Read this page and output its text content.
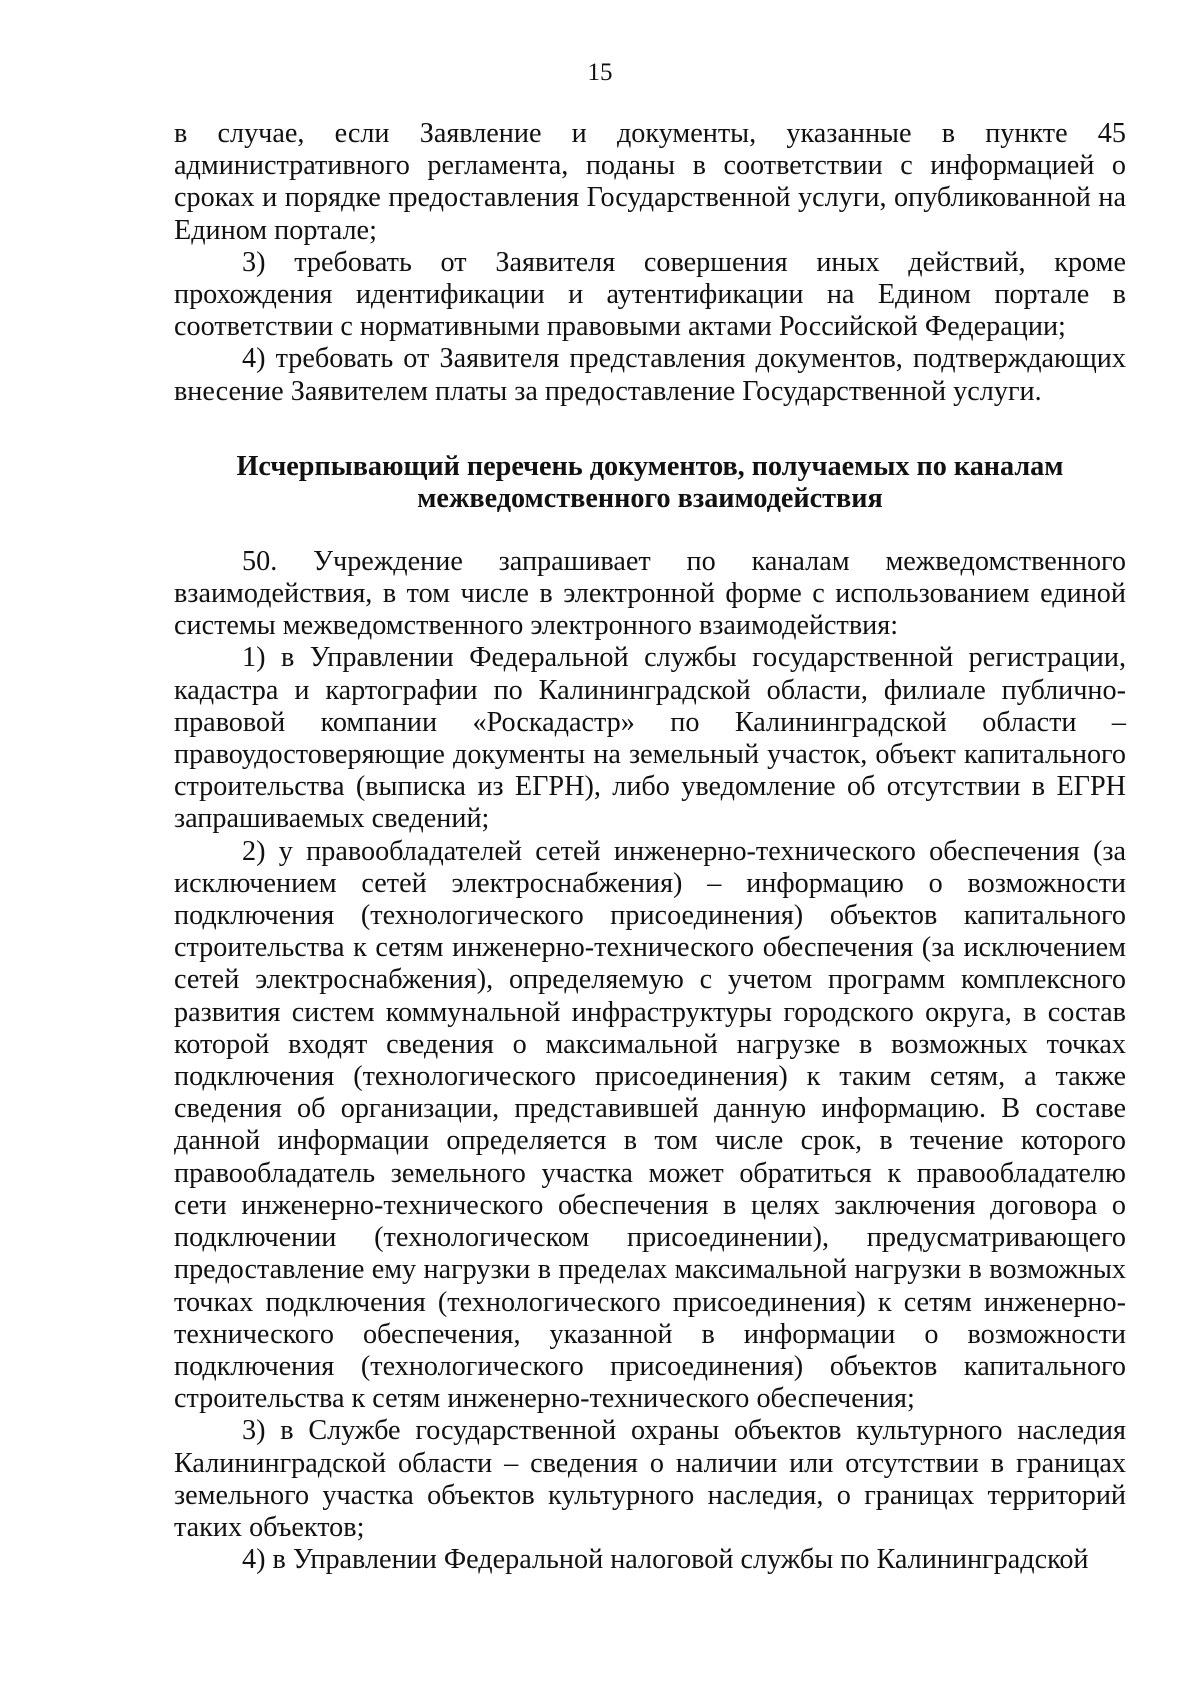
15

в случае, если Заявление и документы, указанные в пункте 45 административного регламента, поданы в соответствии с информацией о сроках и порядке предоставления Государственной услуги, опубликованной на Едином портале;

3) требовать от Заявителя совершения иных действий, кроме прохождения идентификации и аутентификации на Едином портале в соответствии с нормативными правовыми актами Российской Федерации;

4) требовать от Заявителя представления документов, подтверждающих внесение Заявителем платы за предоставление Государственной услуги.

Исчерпывающий перечень документов, получаемых по каналам
межведомственного взаимодействия

50. Учреждение запрашивает по каналам межведомственного взаимодействия, в том числе в электронной форме с использованием единой системы межведомственного электронного взаимодействия:

1) в Управлении Федеральной службы государственной регистрации, кадастра и картографии по Калининградской области, филиале публично-правовой компании «Роскадастр» по Калининградской области – правоудостоверяющие документы на земельный участок, объект капитального строительства (выписка из ЕГРН), либо уведомление об отсутствии в ЕГРН запрашиваемых сведений;

2) у правообладателей сетей инженерно-технического обеспечения (за исключением сетей электроснабжения) – информацию о возможности подключения (технологического присоединения) объектов капитального строительства к сетям инженерно-технического обеспечения (за исключением сетей электроснабжения), определяемую с учетом программ комплексного развития систем коммунальной инфраструктуры городского округа, в состав которой входят сведения о максимальной нагрузке в возможных точках подключения (технологического присоединения) к таким сетям, а также сведения об организации, представившей данную информацию. В составе данной информации определяется в том числе срок, в течение которого правообладатель земельного участка может обратиться к правообладателю сети инженерно-технического обеспечения в целях заключения договора о подключении (технологическом присоединении), предусматривающего предоставление ему нагрузки в пределах максимальной нагрузки в возможных точках подключения (технологического присоединения) к сетям инженерно-технического обеспечения, указанной в информации о возможности подключения (технологического присоединения) объектов капитального строительства к сетям инженерно-технического обеспечения;

3) в Службе государственной охраны объектов культурного наследия Калининградской области – сведения о наличии или отсутствии в границах земельного участка объектов культурного наследия, о границах территорий таких объектов;

4) в Управлении Федеральной налоговой службы по Калининградской
